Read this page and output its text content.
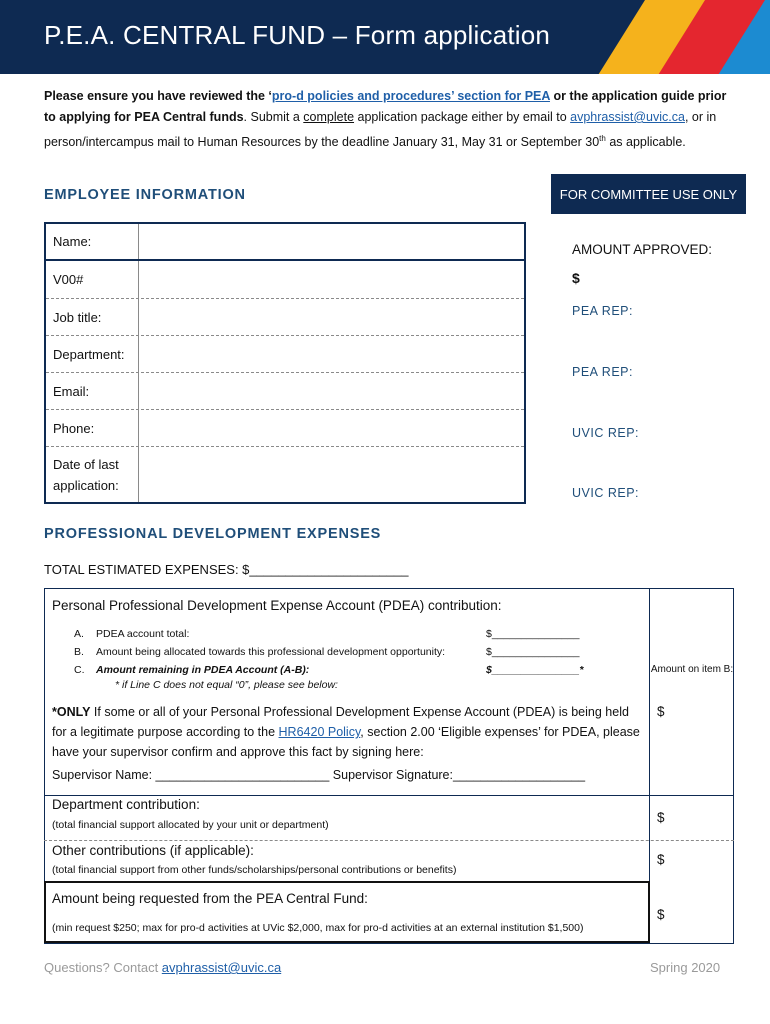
P.E.A. CENTRAL FUND – Form application
Please ensure you have reviewed the ‘pro-d policies and procedures’ section for PEA or the application guide prior to applying for PEA Central funds. Submit a complete application package either by email to avphrassist@uvic.ca, or in person/intercampus mail to Human Resources by the deadline January 31, May 31 or September 30th as applicable.
EMPLOYEE INFORMATION	FOR COMMITTEE USE ONLY
AMOUNT APPROVED:
$
PEA REP:
PEA REP:
UVIC REP:
UVIC REP:
Name:
V00#
Job title:
Department:
Email:
Phone:
Date of last application:
PROFESSIONAL DEVELOPMENT EXPENSES
TOTAL ESTIMATED EXPENSES: $______________________
Personal Professional Development Expense Account (PDEA) contribution:
A.	PDEA account total:	$_______________
B.	Amount being allocated towards this professional development opportunity:	$_______________
C.	Amount remaining in PDEA Account (A-B):	$_______________*
* if Line C does not equal “0”, please see below:
Amount on item B:
$
*ONLY If some or all of your Personal Professional Development Expense Account (PDEA) is being held for a legitimate purpose according to the HR6420 Policy, section 2.00 ‘Eligible expenses’ for PDEA, please have your supervisor confirm and approve this fact by signing here:
Supervisor Name: _________________________ Supervisor Signature:___________________
Department contribution:
(total financial support allocated by your unit or department)	$
Other contributions (if applicable):
(total financial support from other funds/scholarships/personal contributions or benefits)
$
Amount being requested from the PEA Central Fund:
(min request $250; max for pro-d activities at UVic $2,000, max for pro-d activities at an external institution $1,500)
$
Questions? Contact avphrassist@uvic.ca	Spring 2020
